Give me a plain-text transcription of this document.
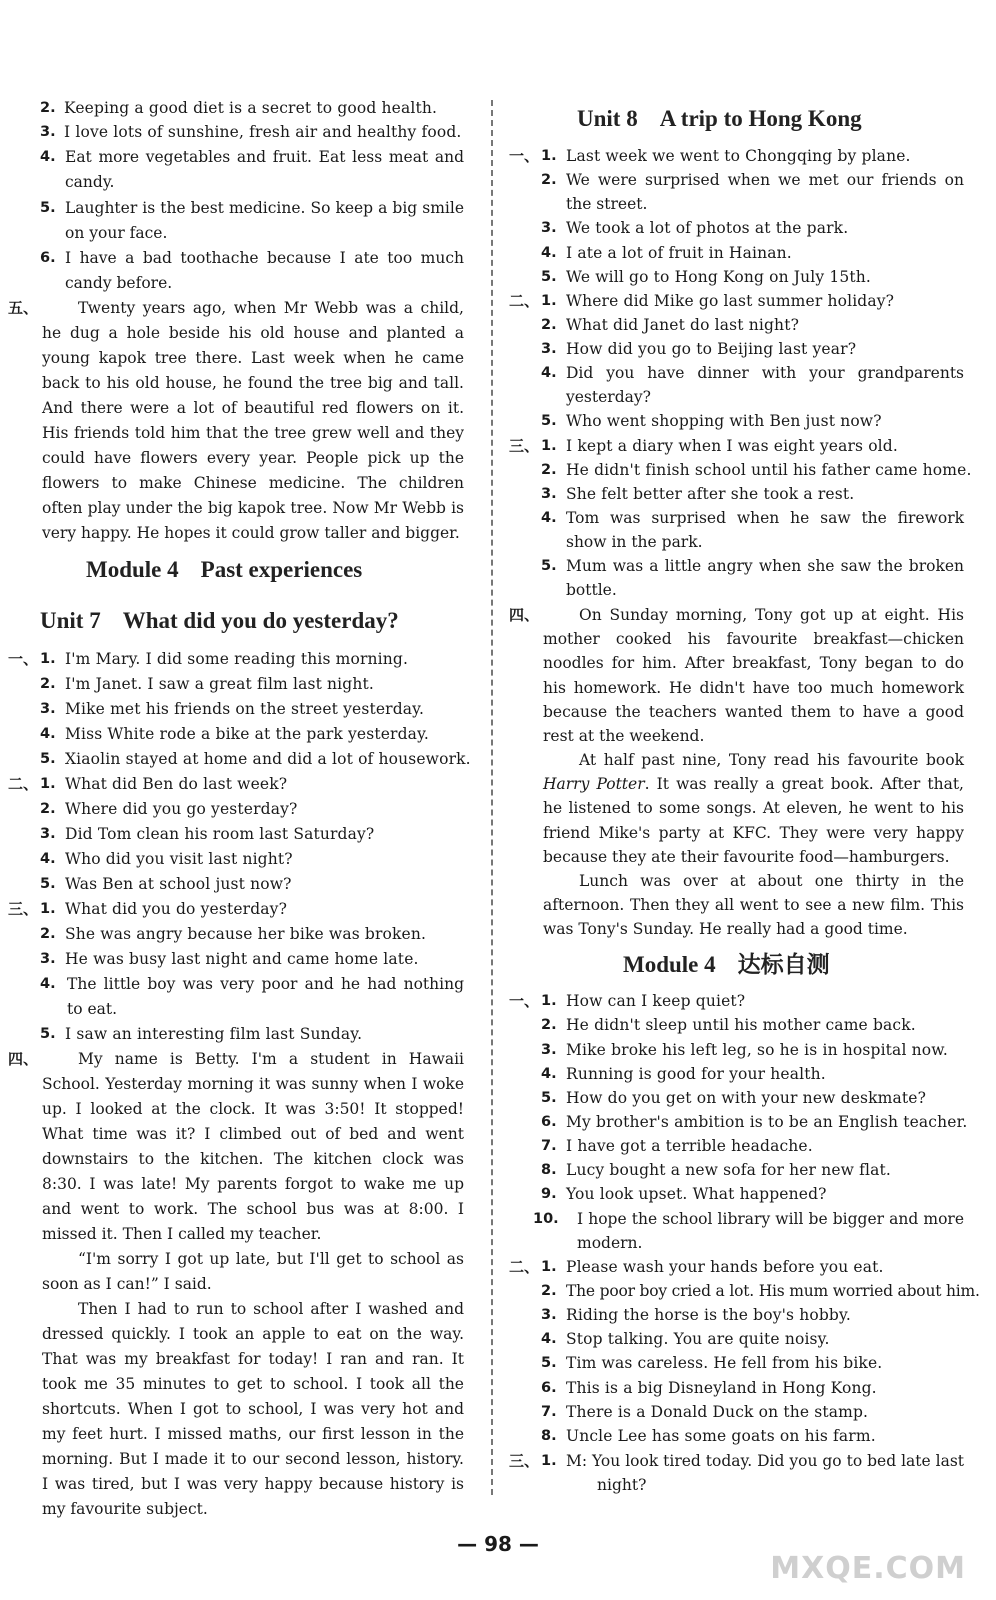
2. Keeping a good diet is a secret to good health.
3. I love lots of sunshine, fresh air and healthy food.
4. Eat more vegetables and fruit. Eat less meat and candy.
5. Laughter is the best medicine. So keep a big smile on your face.
6. I have a bad toothache because I ate too much candy before.
五、	Twenty years ago, when Mr Webb was a child, he dug a hole beside his old house and planted a young kapok tree there. Last week when he came back to his old house, he found the tree big and tall. And there were a lot of beautiful red flowers on it. His friends told him that the tree grew well and they could have flowers every year. People pick up the flowers to make Chinese medicine. The children often play under the big kapok tree. Now Mr Webb is very happy. He hopes it could grow taller and bigger.
Module 4 Past experiences
Unit 7 What did you do yesterday?
一、 1. I'm Mary. I did some reading this morning.
2. I'm Janet. I saw a great film last night.
3. Mike met his friends on the street yesterday.
4. Miss White rode a bike at the park yesterday.
5. Xiaolin stayed at home and did a lot of housework.
二、 1. What did Ben do last week?
2. Where did you go yesterday?
3. Did Tom clean his room last Saturday?
4. Who did you visit last night?
5. Was Ben at school just now?
三、 1. What did you do yesterday?
2. She was angry because her bike was broken.
3. He was busy last night and came home late.
4. The little boy was very poor and he had nothing to eat.
5. I saw an interesting film last Sunday.
四、	My name is Betty. I'm a student in Hawaii School. Yesterday morning it was sunny when I woke up. I looked at the clock. It was 3:50! It stopped! What time was it? I climbed out of bed and went downstairs to the kitchen. The kitchen clock was 8:30. I was late! My parents forgot to wake me up and went to work. The school bus was at 8:00. I missed it. Then I called my teacher.
“I'm sorry I got up late, but I'll get to school as soon as I can!” I said.
Then I had to run to school after I washed and dressed quickly. I took an apple to eat on the way. That was my breakfast for today! I ran and ran. It took me 35 minutes to get to school. I took all the shortcuts. When I got to school, I was very hot and my feet hurt. I missed maths, our first lesson in the morning. But I made it to our second lesson, history. I was tired, but I was very happy because history is my favourite subject.
Unit 8 A trip to Hong Kong
一、 1. Last week we went to Chongqing by plane.
2. We were surprised when we met our friends on the street.
3. We took a lot of photos at the park.
4. I ate a lot of fruit in Hainan.
5. We will go to Hong Kong on July 15th.
二、 1. Where did Mike go last summer holiday?
2. What did Janet do last night?
3. How did you go to Beijing last year?
4. Did you have dinner with your grandparents yesterday?
5. Who went shopping with Ben just now?
三、 1. I kept a diary when I was eight years old.
2. He didn't finish school until his father came home.
3. She felt better after she took a rest.
4. Tom was surprised when he saw the firework show in the park.
5. Mum was a little angry when she saw the broken bottle.
四、	On Sunday morning, Tony got up at eight. His mother cooked his favourite breakfast—chicken noodles for him. After breakfast, Tony began to do his homework. He didn't have too much homework because the teachers wanted them to have a good rest at the weekend.
At half past nine, Tony read his favourite book Harry Potter. It was really a great book. After that, he listened to some songs. At eleven, he went to his friend Mike's party at KFC. They were very happy because they ate their favourite food—hamburgers.
Lunch was over at about one thirty in the afternoon. Then they all went to see a new film. This was Tony's Sunday. He really had a good time.
Module 4 达标自测
一、 1. How can I keep quiet?
2. He didn't sleep until his mother came back.
3. Mike broke his left leg, so he is in hospital now.
4. Running is good for your health.
5. How do you get on with your new deskmate?
6. My brother's ambition is to be an English teacher.
7. I have got a terrible headache.
8. Lucy bought a new sofa for her new flat.
9. You look upset. What happened?
10. I hope the school library will be bigger and more modern.
二、 1. Please wash your hands before you eat.
2. The poor boy cried a lot. His mum worried about him.
3. Riding the horse is the boy's hobby.
4. Stop talking. You are quite noisy.
5. Tim was careless. He fell from his bike.
6. This is a big Disneyland in Hong Kong.
7. There is a Donald Duck on the stamp.
8. Uncle Lee has some goats on his farm.
三、 1. M: You look tired today. Did you go to bed late last night?
— 98 —
MXQE.COM
